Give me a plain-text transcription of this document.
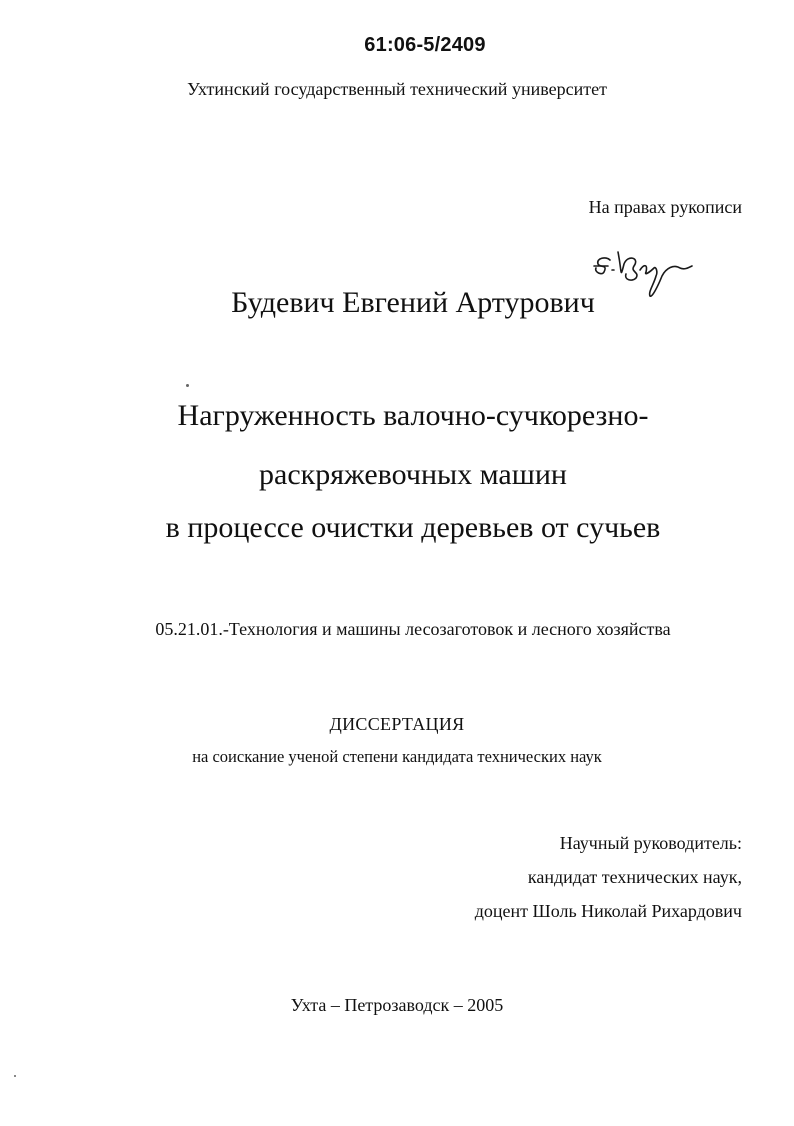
61:06-5/2409
Ухтинский государственный технический университет
На правах рукописи
Будевич Евгений Артурович
Нагруженность валочно-сучкорезно-
раскряжевочных машин
в процессе очистки деревьев от сучьев
05.21.01.-Технология и машины лесозаготовок и лесного хозяйства
ДИССЕРТАЦИЯ
на соискание ученой степени кандидата технических наук
Научный руководитель:
кандидат технических наук,
доцент Шоль Николай Рихардович
Ухта – Петрозаводск – 2005
